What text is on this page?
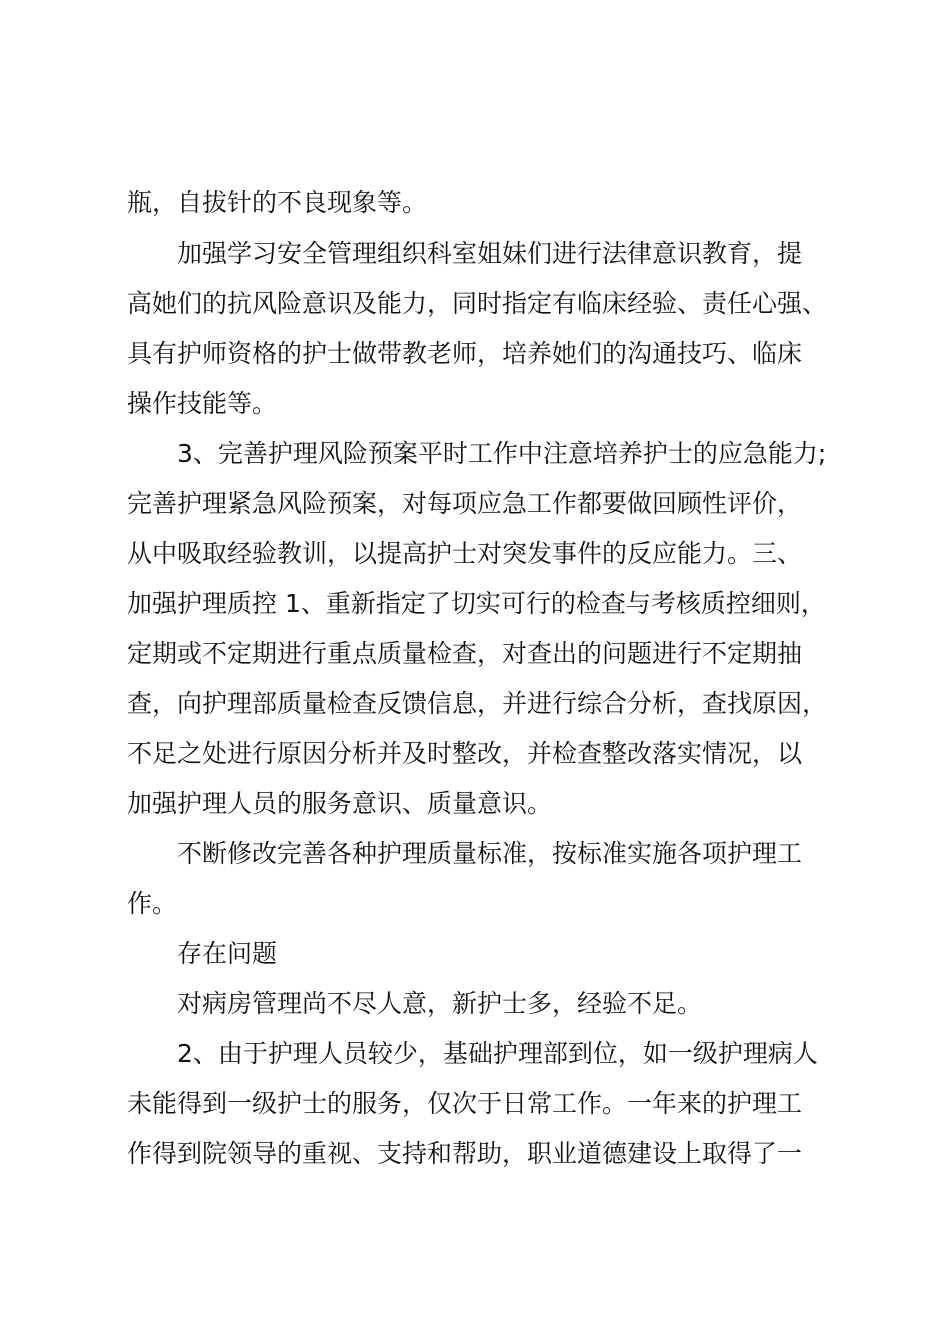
瓶，自拔针的不良现象等。
加强学习安全管理组织科室姐妹们进行法律意识教育，提
高她们的抗风险意识及能力，同时指定有临床经验、责任心强、
具有护师资格的护士做带教老师，培养她们的沟通技巧、临床
操作技能等。
3、完善护理风险预案平时工作中注意培养护士的应急能力;
完善护理紧急风险预案，对每项应急工作都要做回顾性评价，
从中吸取经验教训，以提高护士对突发事件的反应能力。三、
加强护理质控 1、重新指定了切实可行的检查与考核质控细则，
定期或不定期进行重点质量检查，对查出的问题进行不定期抽
查，向护理部质量检查反馈信息，并进行综合分析，查找原因，
不足之处进行原因分析并及时整改，并检查整改落实情况，以
加强护理人员的服务意识、质量意识。
不断修改完善各种护理质量标准，按标准实施各项护理工
作。
存在问题
对病房管理尚不尽人意，新护士多，经验不足。
2、由于护理人员较少，基础护理部到位，如一级护理病人
未能得到一级护士的服务，仅次于日常工作。一年来的护理工
作得到院领导的重视、支持和帮助，职业道德建设上取得了一
